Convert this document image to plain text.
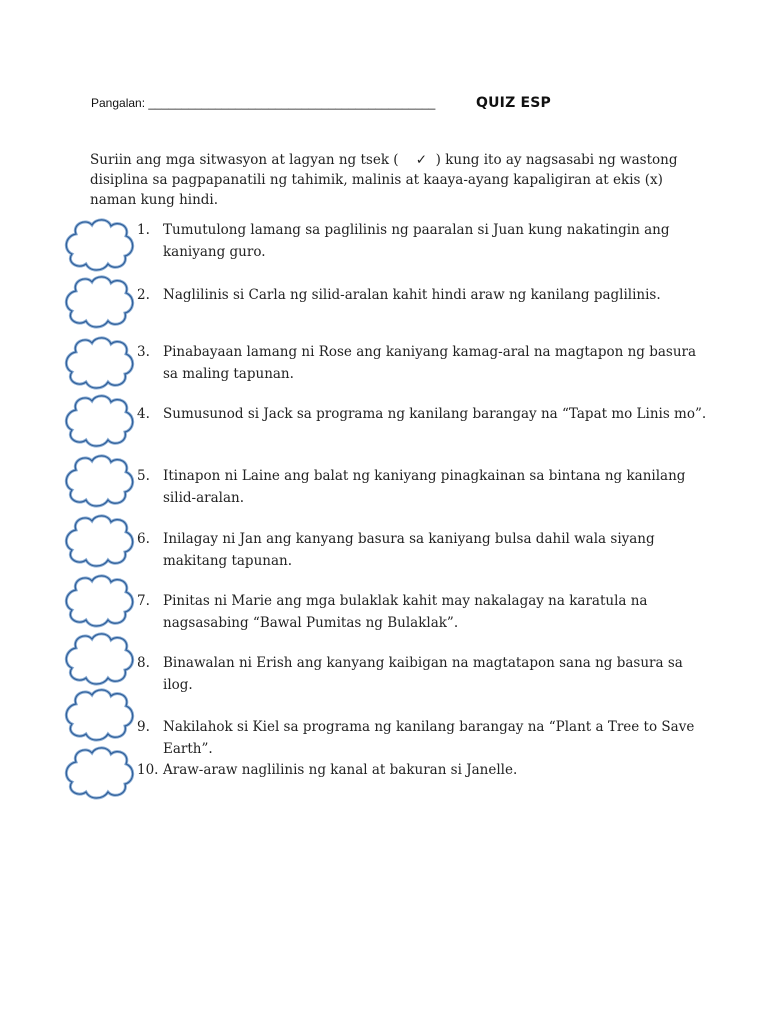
Pangalan: ___________________________________________	QUIZ ESP
Suriin ang mga sitwasyon at lagyan ng tsek ( ✓ ) kung ito ay nagsasabi ng wastong disiplina sa pagpapanatili ng tahimik, malinis at kaaya-ayang kapaligiran at ekis (x) naman kung hindi.
1. Tumutulong lamang sa paglilinis ng paaralan si Juan kung nakatingin ang kaniyang guro.
2. Naglilinis si Carla ng silid-aralan kahit hindi araw ng kanilang paglilinis.
3. Pinabayaan lamang ni Rose ang kaniyang kamag-aral na magtapon ng basura sa maling tapunan.
4. Sumusunod si Jack sa programa ng kanilang barangay na “Tapat mo Linis mo”.
5. Itinapon ni Laine ang balat ng kaniyang pinagkainan sa bintana ng kanilang silid-aralan.
6. Inilagay ni Jan ang kanyang basura sa kaniyang bulsa dahil wala siyang makitang tapunan.
7. Pinitas ni Marie ang mga bulaklak kahit may nakalagay na karatula na nagsasabing “Bawal Pumitas ng Bulaklak”.
8. Binawalan ni Erish ang kanyang kaibigan na magtatapon sana ng basura sa ilog.
9. Nakilahok si Kiel sa programa ng kanilang barangay na “Plant a Tree to Save Earth”.
10. Araw-araw naglilinis ng kanal at bakuran si Janelle.
